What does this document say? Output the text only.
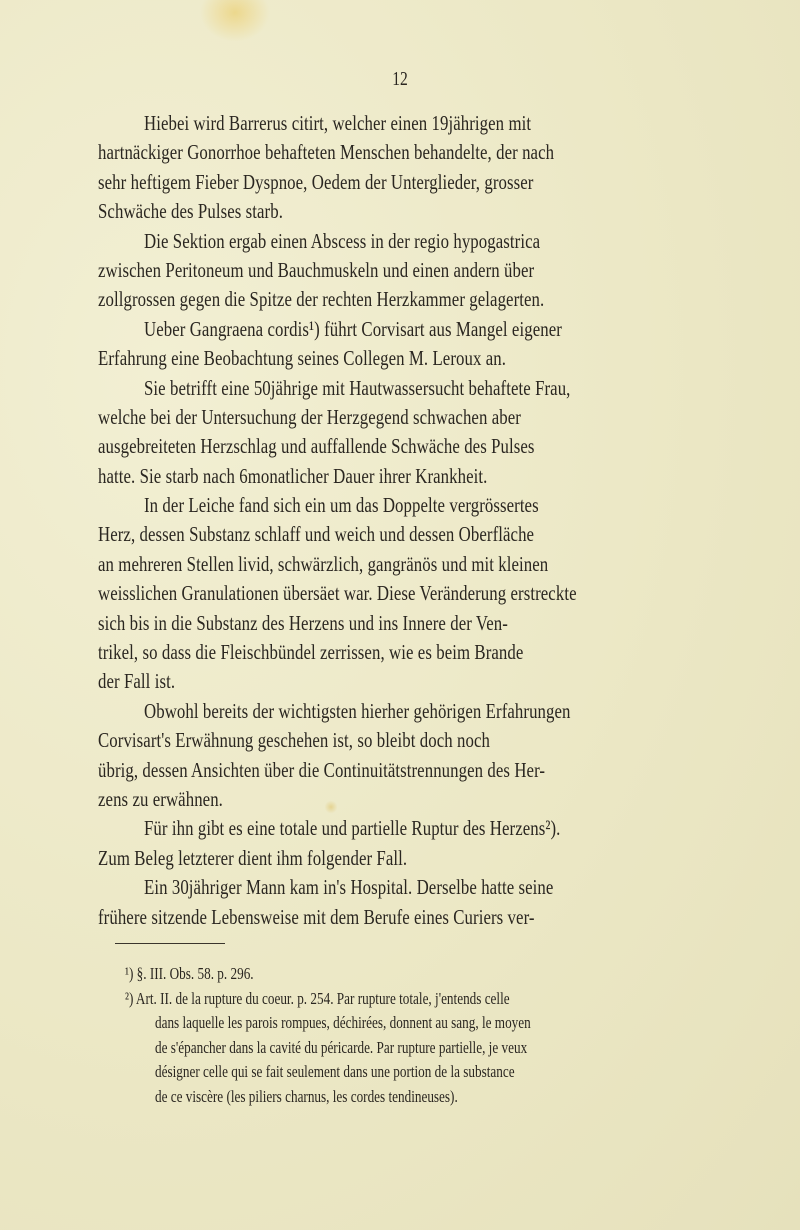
12
Hiebei wird Barrerus citirt, welcher einen 19jährigen mit
hartnäckiger Gonorrhoe behafteten Menschen behandelte, der nach
sehr heftigem Fieber Dyspnoe, Oedem der Unterglieder, grosser
Schwäche des Pulses starb.
Die Sektion ergab einen Abscess in der regio hypogastrica
zwischen Peritoneum und Bauchmuskeln und einen andern über
zollgrossen gegen die Spitze der rechten Herzkammer gelagerten.
Ueber Gangraena cordis¹) führt Corvisart aus Mangel eigener
Erfahrung eine Beobachtung seines Collegen M. Leroux an.
Sie betrifft eine 50jährige mit Hautwassersucht behaftete Frau,
welche bei der Untersuchung der Herzgegend schwachen aber
ausgebreiteten Herzschlag und auffallende Schwäche des Pulses
hatte. Sie starb nach 6monatlicher Dauer ihrer Krankheit.
In der Leiche fand sich ein um das Doppelte vergrössertes
Herz, dessen Substanz schlaff und weich und dessen Oberfläche
an mehreren Stellen livid, schwärzlich, gangränös und mit kleinen
weisslichen Granulationen übersäet war. Diese Veränderung erstreckte
sich bis in die Substanz des Herzens und ins Innere der Ven-
trikel, so dass die Fleischbündel zerrissen, wie es beim Brande
der Fall ist.
Obwohl bereits der wichtigsten hierher gehörigen Erfahrungen
Corvisart's Erwähnung geschehen ist, so bleibt doch noch
übrig, dessen Ansichten über die Continuitätstrennungen des Her-
zens zu erwähnen.
Für ihn gibt es eine totale und partielle Ruptur des Herzens²).
Zum Beleg letzterer dient ihm folgender Fall.
Ein 30jähriger Mann kam in's Hospital. Derselbe hatte seine
frühere sitzende Lebensweise mit dem Berufe eines Curiers ver-
¹) §. III. Obs. 58. p. 296.
²) Art. II. de la rupture du coeur. p. 254. Par rupture totale, j'entends celle
dans laquelle les parois rompues, déchirées, donnent au sang, le moyen
de s'épancher dans la cavité du péricarde. Par rupture partielle, je veux
désigner celle qui se fait seulement dans une portion de la substance
de ce viscère (les piliers charnus, les cordes tendineuses).
